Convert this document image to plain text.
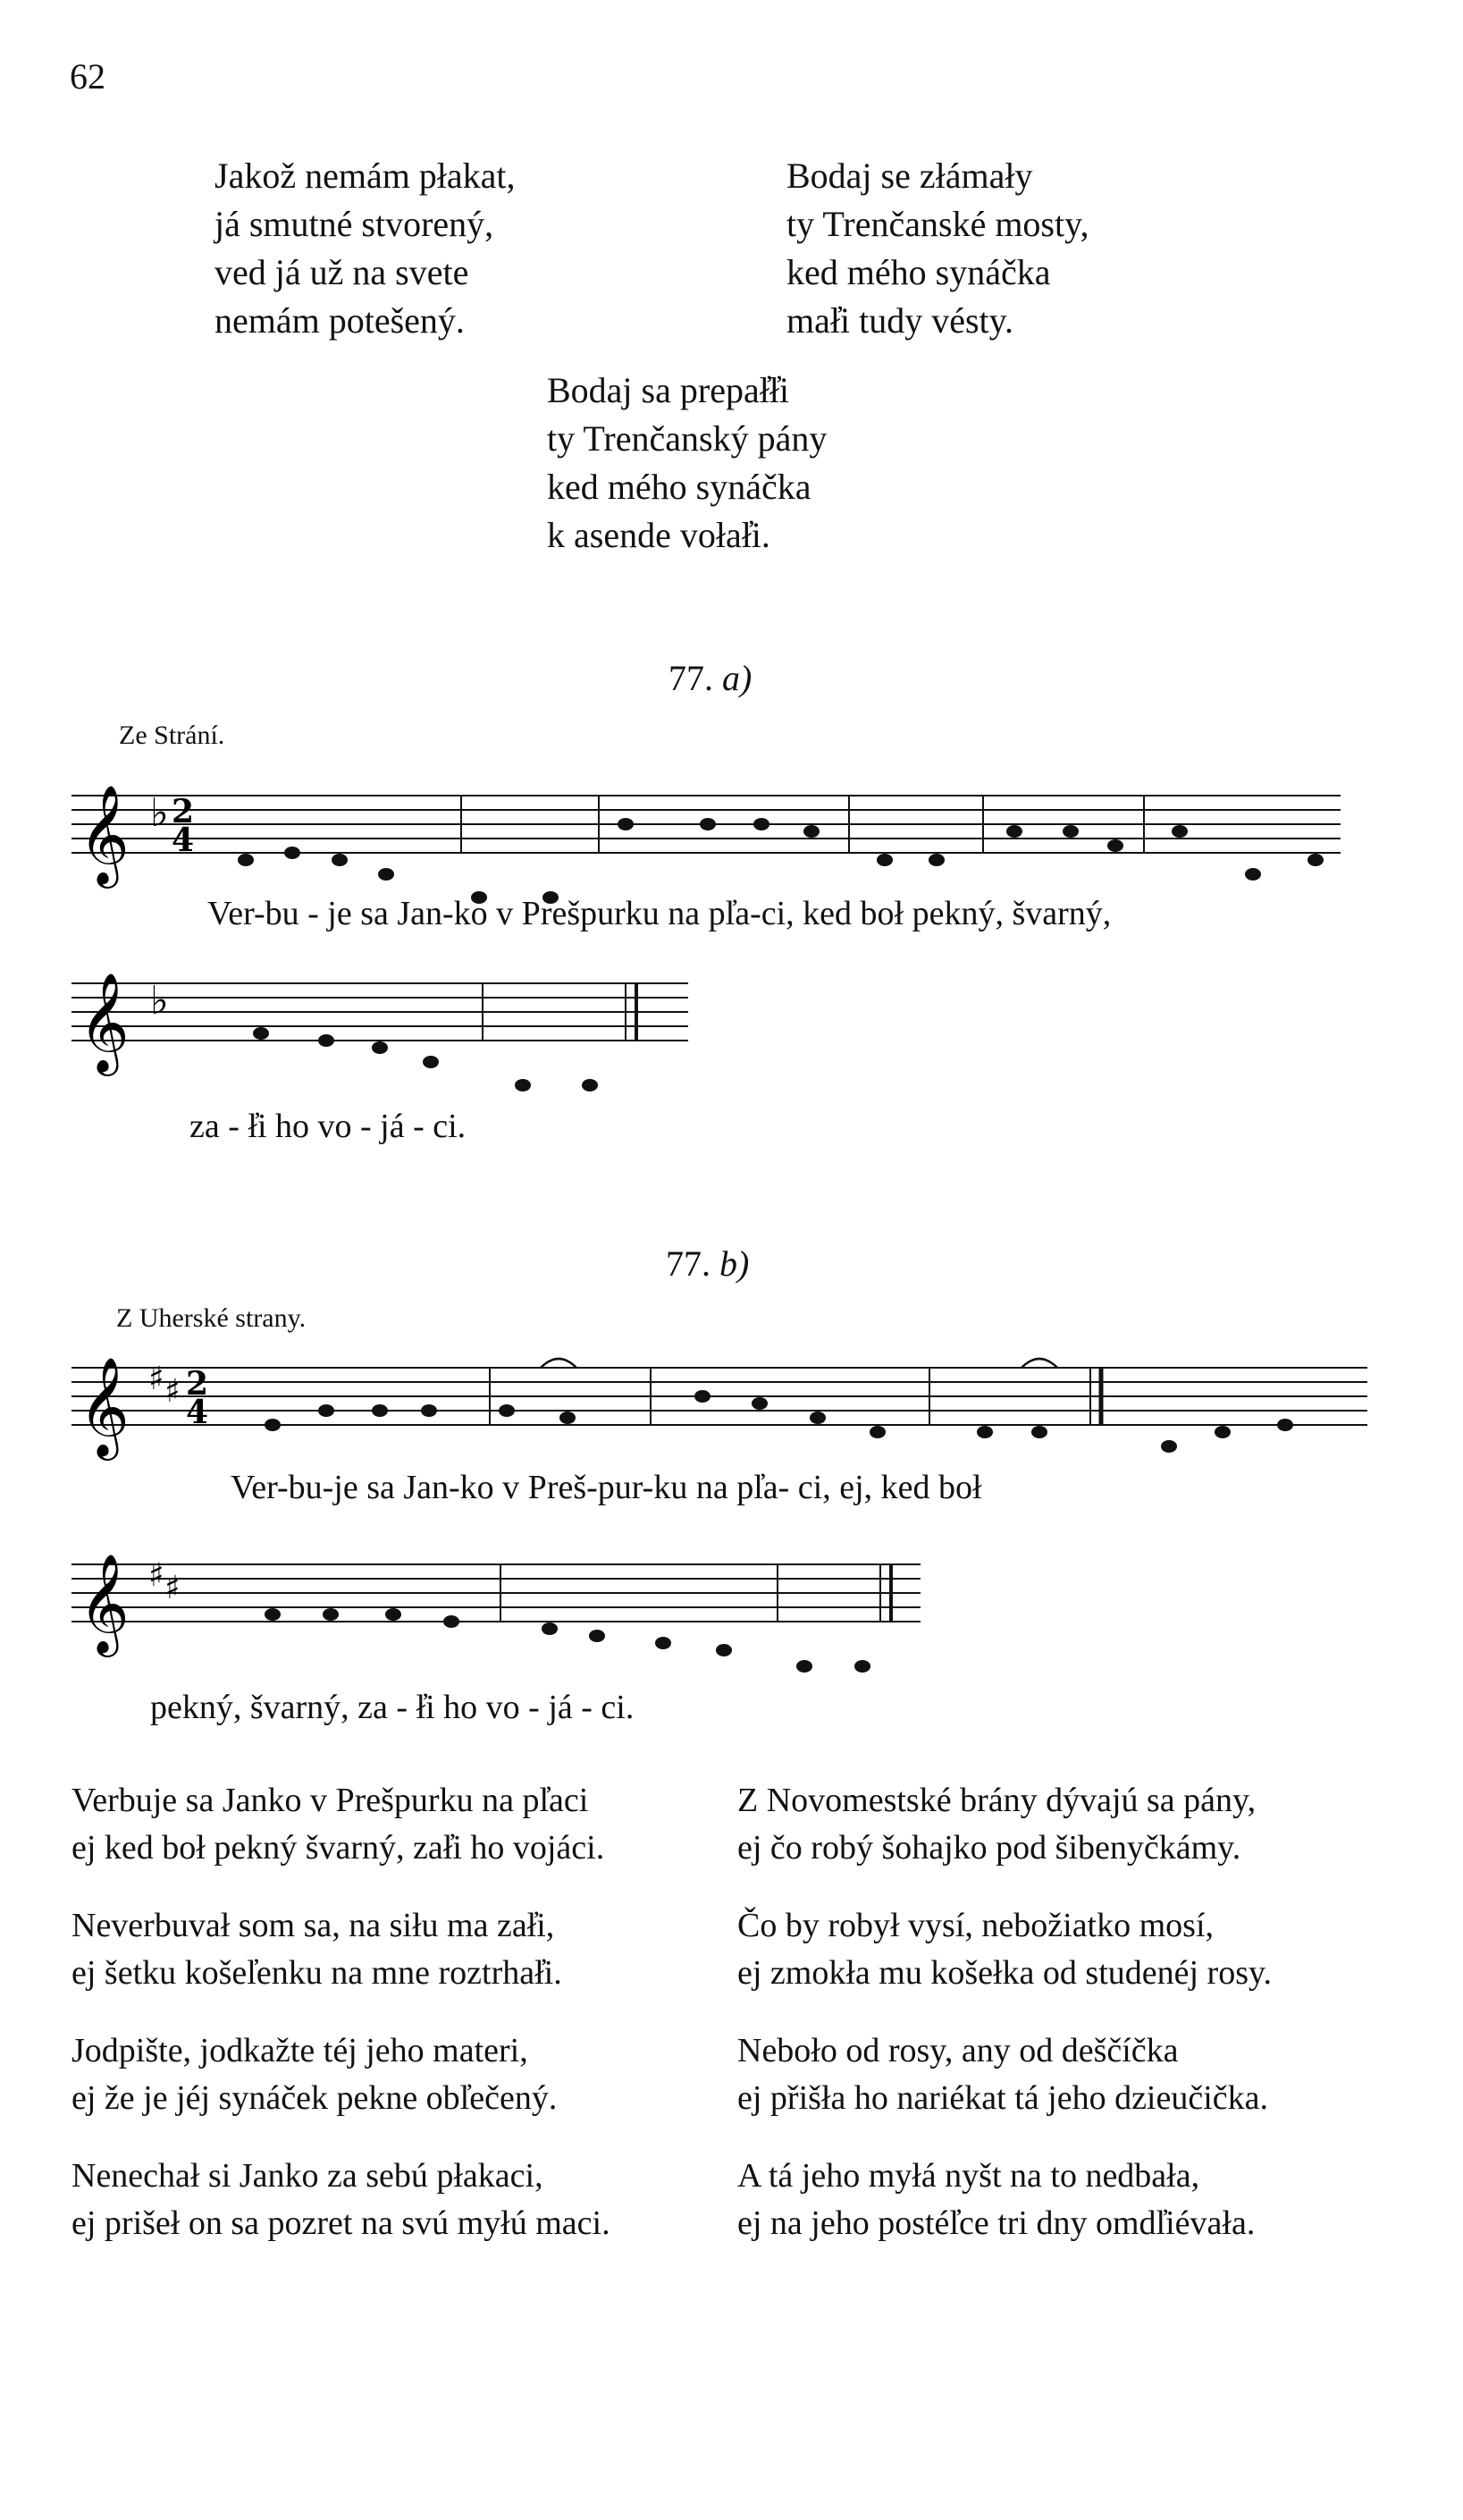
62
Jakož nemám płakat,
já smutné stvorený,
ved já už na svete
nemám potešený.
Bodaj se złámały
ty Trenčanské mosty,
ked mého synáčka
mał̓i tudy vésty.
Bodaj sa prepał̓ł̓i
ty Trenčanský pány
ked mého synáčka
k asende vołał̓i.
77. a)
Ze Strání.
𝄞 ♭ 2
4
Ver-bu - je sa Jan-ko v Prešpurku na pl̓a-ci, ked boł pekný, švarný,
𝄞 ♭
za - ł̓i ho vo - já - ci.
77. b)
Z Uherské strany.
𝄞 ♯ ♯ 2
4
Ver-bu-je sa Jan-ko v Preš-pur-ku na pl̓a- ci, ej, ked boł
𝄞 ♯ ♯
pekný, švarný, za - ł̓i ho vo - já - ci.
Verbuje sa Janko v Prešpurku na pl̓aci
ej ked boł pekný švarný, zał̓i ho vojáci.
Neverbuvał som sa, na siłu ma zał̓i,
ej šetku košel̓enku na mne roztrhał̓i.
Jodpište, jodkažte téj jeho materi,
ej že je jéj synáček pekne obl̓ečený.
Nenechał si Janko za sebú płakaci,
ej prišeł on sa pozret na svú myłú maci.
Z Novomestské brány dývajú sa pány,
ej čo robý šohajko pod šibenyčkámy.
Čo by robył vysí, nebožiatko mosí,
ej zmokła mu košełka od studenéj rosy.
Neboło od rosy, any od deščíčka
ej přišła ho nariékat tá jeho dzieučička.
A tá jeho myłá nyšt na to nedbała,
ej na jeho postél̓ce tri dny omdl̓iévała.
